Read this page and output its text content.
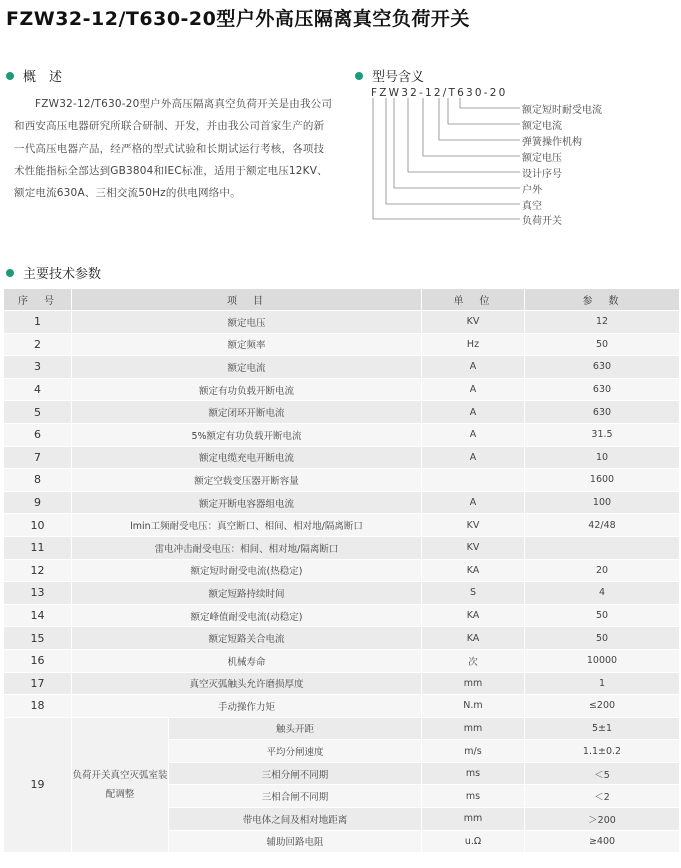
FZW32-12/T630-20型户外高压隔离真空负荷开关
概　述

FZW32-12/T630-20型户外高压隔离真空负荷开关是由我公司和西安高压电器研究所联合研制、开发，并由我公司首家生产的新一代高压电器产品，经严格的型式试验和长期试运行考核，各项技术性能指标全部达到GB3804和IEC标准，适用于额定电压12KV、额定电流630A、三相交流50Hz的供电网络中。

型号含义
FZW32-12/T630-20
额定短时耐受电流
额定电流
弹簧操作机构
额定电压
设计序号
户外
真空
负荷开关
主要技术参数
序　号	项　目		单　位	参　数
1	额定电压		KV	12
2	额定频率		Hz	50
3	额定电流		A	630
4	额定有功负载开断电流		A	630
5	额定闭环开断电流		A	630
6	5%额定有功负载开断电流		A	31.5
7	额定电缆充电开断电流		A	10
8	额定空载变压器开断容量			1600
9	额定开断电容器组电流		A	100
10	lmin工频耐受电压：真空断口、相间、相对地/隔离断口		KV	42/48
11	雷电冲击耐受电压：相间、相对地/隔离断口		KV	
12	额定短时耐受电流(热稳定)		KA	20
13	额定短路持续时间		S	4
14	额定峰值耐受电流(动稳定)		KA	50
15	额定短路关合电流		KA	50
16	机械寿命		次	10000
17	真空灭弧触头允许磨损厚度		mm	1
18	手动操作力矩		N.m	≤200
19	负荷开关真空灭弧室装配调整	触头开距	mm	5±1
		平均分闸速度	m/s	1.1±0.2
		三相分闸不同期	ms	＜5
		三相合闸不同期	ms	＜2
		带电体之间及相对地距离	mm	＞200
		辅助回路电阻	u.Ω	≥400
